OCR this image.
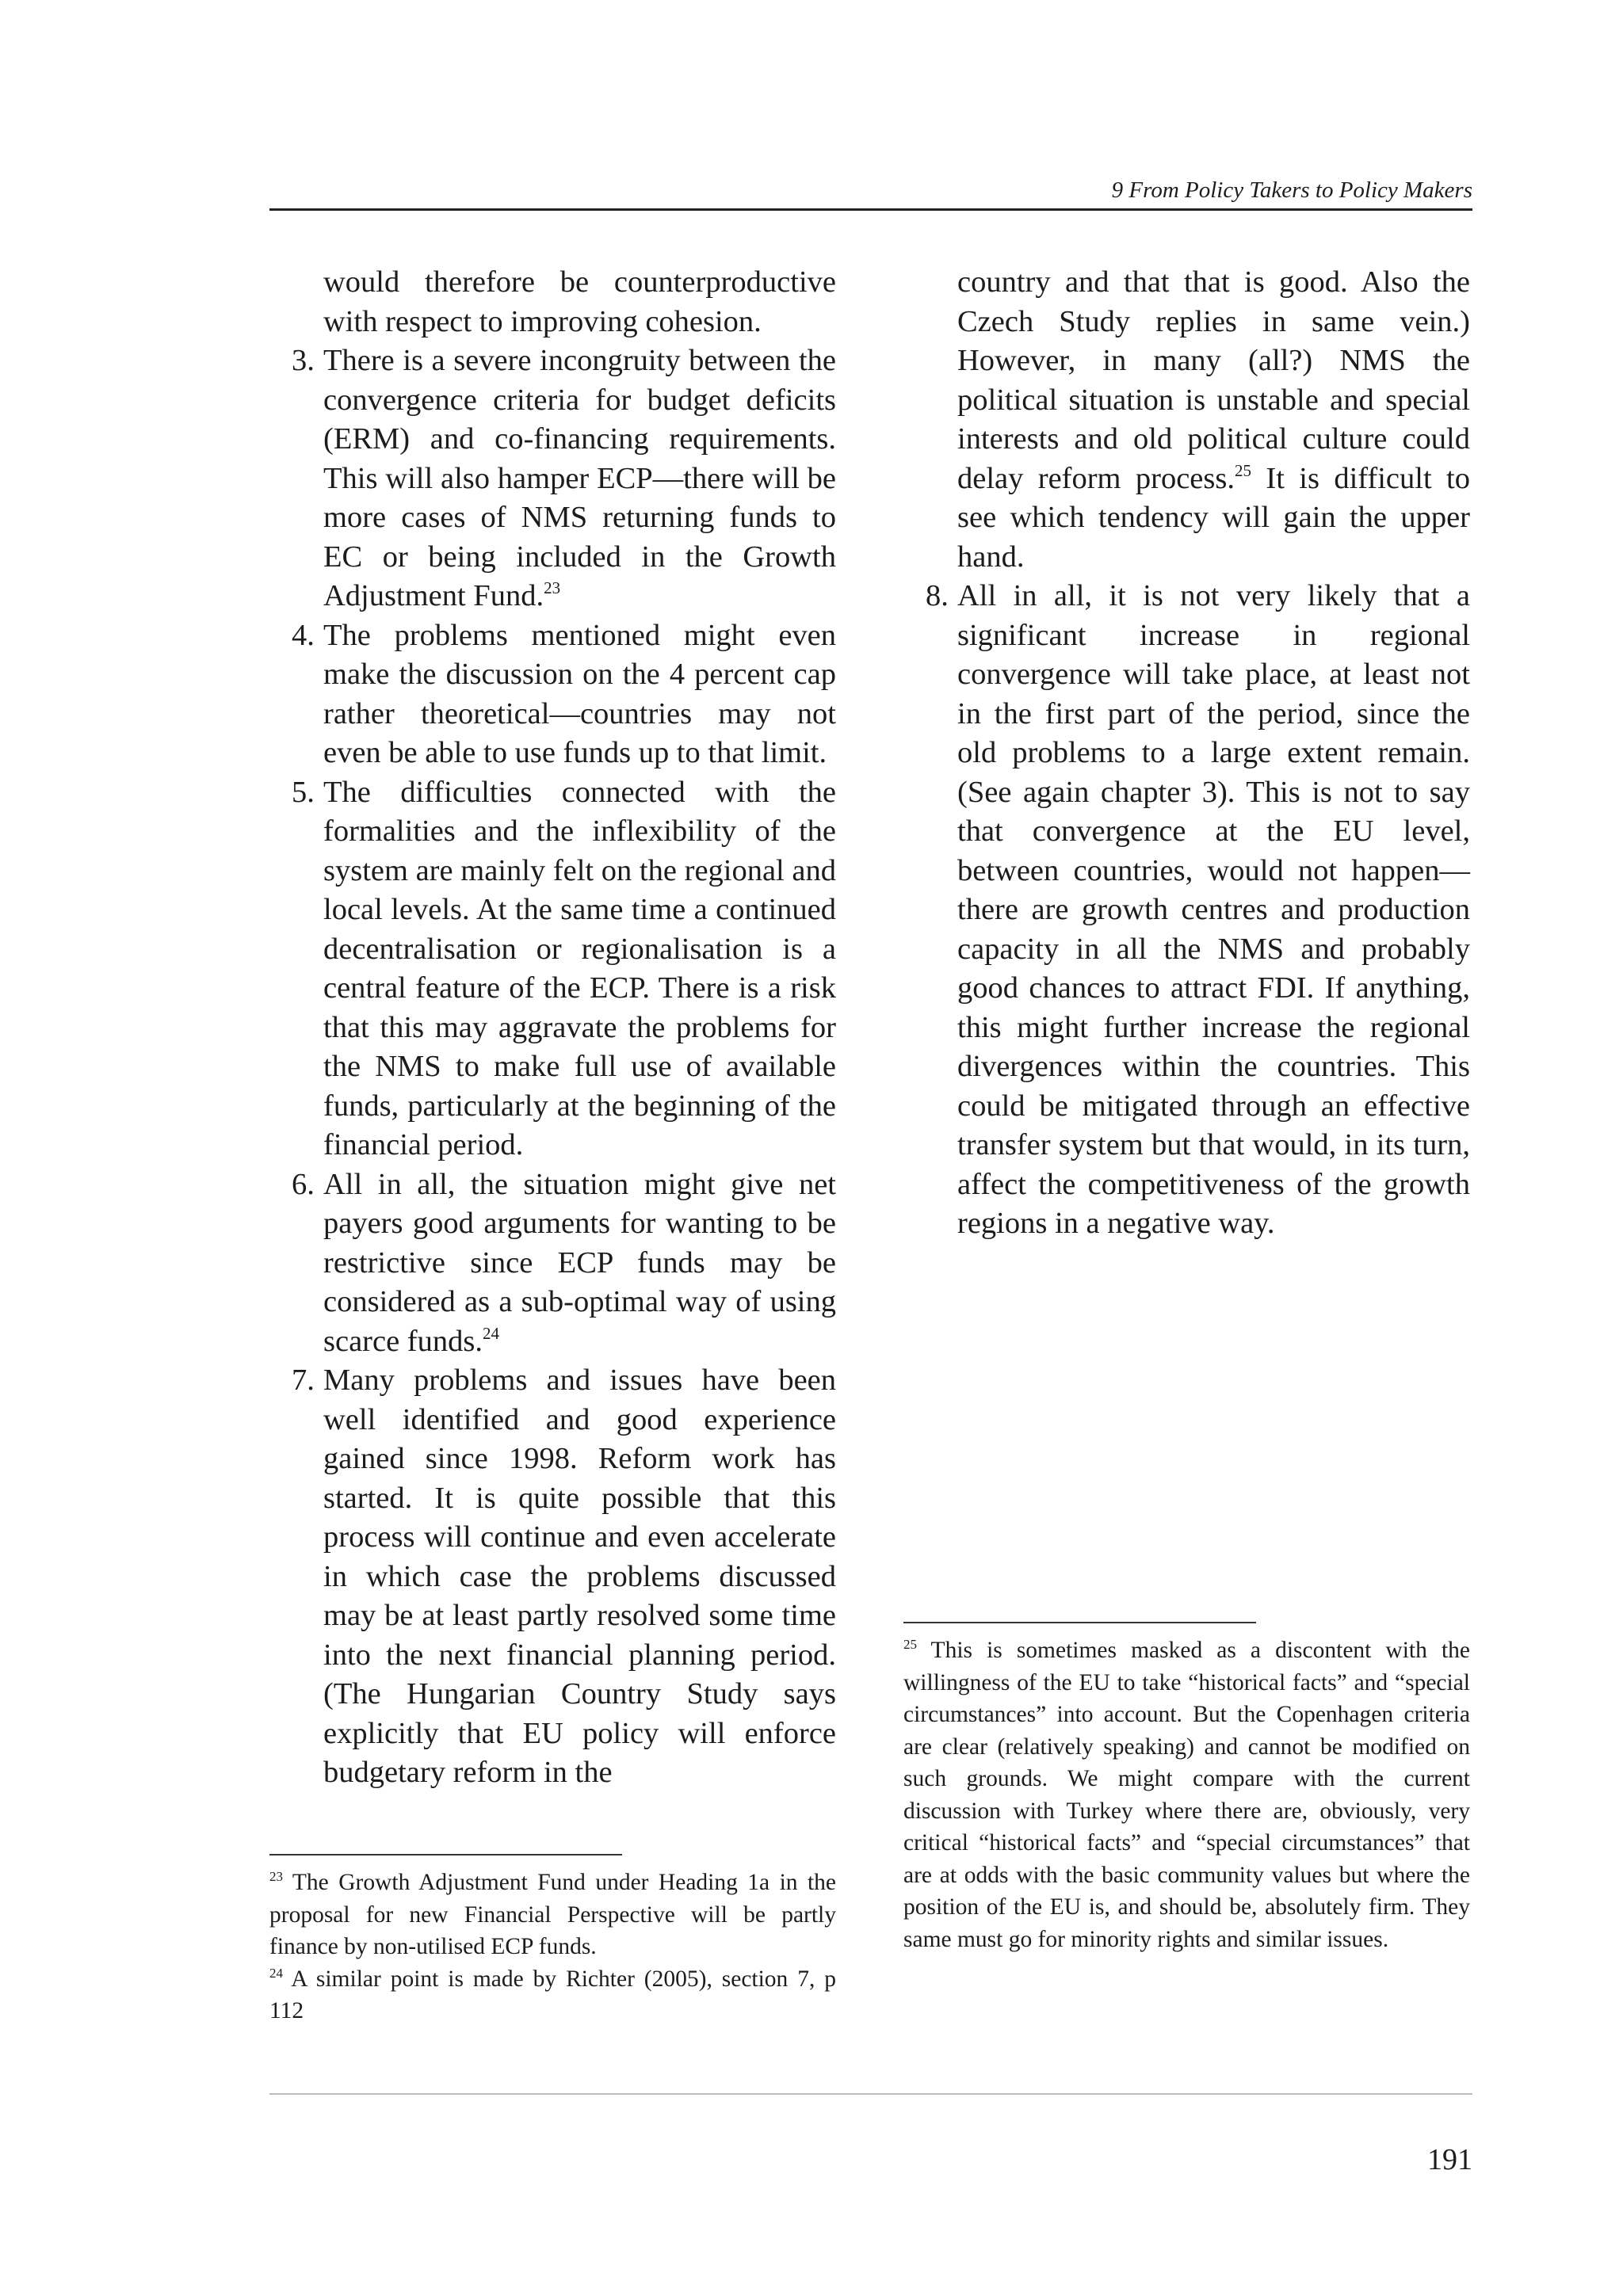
9 From Policy Takers to Policy Makers
would therefore be counterproductive with respect to improving cohesion.
3. There is a severe incongruity between the convergence criteria for budget deficits (ERM) and co-financing requirements. This will also hamper ECP—there will be more cases of NMS returning funds to EC or being included in the Growth Adjustment Fund.$^{23}$
4. The problems mentioned might even make the discussion on the 4 percent cap rather theoretical—countries may not even be able to use funds up to that limit.
5. The difficulties connected with the formalities and the inflexibility of the system are mainly felt on the regional and local levels. At the same time a continued decentralisation or regionalisation is a central feature of the ECP. There is a risk that this may aggravate the problems for the NMS to make full use of available funds, particularly at the beginning of the financial period.
6. All in all, the situation might give net payers good arguments for wanting to be restrictive since ECP funds may be considered as a sub-optimal way of using scarce funds.$^{24}$
7. Many problems and issues have been well identified and good experience gained since 1998. Reform work has started. It is quite possible that this process will continue and even accelerate in which case the problems discussed may be at least partly resolved some time into the next financial planning period. (The Hungarian Country Study says explicitly that EU policy will enforce budgetary reform in the
country and that that is good. Also the Czech Study replies in same vein.) However, in many (all?) NMS the political situation is unstable and special interests and old political culture could delay reform process.$^{25}$ It is difficult to see which tendency will gain the upper hand.
8. All in all, it is not very likely that a significant increase in regional convergence will take place, at least not in the first part of the period, since the old problems to a large extent remain. (See again chapter 3). This is not to say that convergence at the EU level, between countries, would not happen—there are growth centres and production capacity in all the NMS and probably good chances to attract FDI. If anything, this might further increase the regional divergences within the countries. This could be mitigated through an effective transfer system but that would, in its turn, affect the competitiveness of the growth regions in a negative way.
$^{23}$ The Growth Adjustment Fund under Heading 1a in the proposal for new Financial Perspective will be partly finance by non-utilised ECP funds.
$^{24}$ A similar point is made by Richter (2005), section 7, p 112
$^{25}$ This is sometimes masked as a discontent with the willingness of the EU to take “historical facts” and “special circumstances” into account. But the Copenhagen criteria are clear (relatively speaking) and cannot be modified on such grounds. We might compare with the current discussion with Turkey where there are, obviously, very critical “historical facts” and “special circumstances” that are at odds with the basic community values but where the position of the EU is, and should be, absolutely firm. They same must go for minority rights and similar issues.
191
